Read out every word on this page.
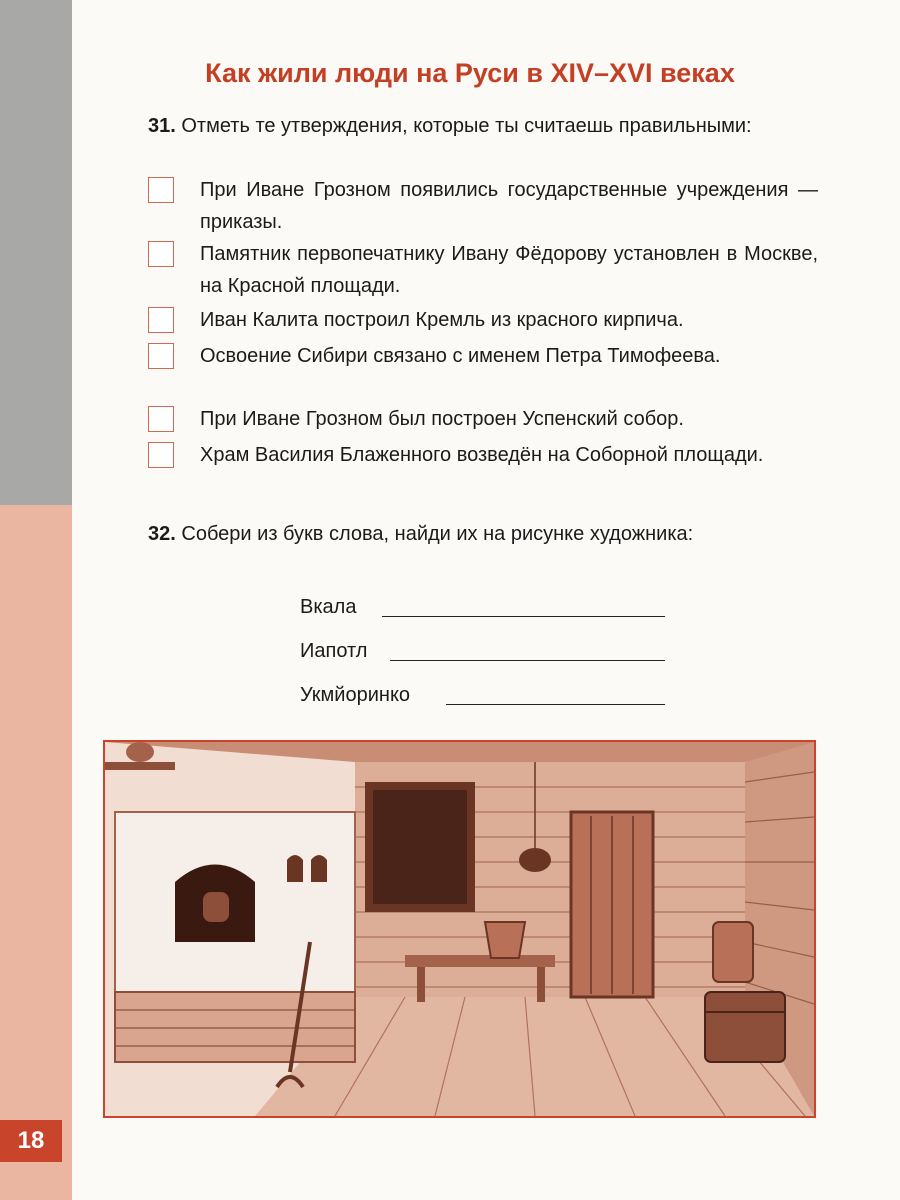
18
Как жили люди на Руси в XIV–XVI веках

31. Отметь те утверждения, которые ты считаешь правильными:

При Иване Грозном появились государственные учреждения — приказы.
Памятник первопечатнику Ивану Фёдорову установлен в Москве, на Красной площади.
Иван Калита построил Кремль из красного кирпича.
Освоение Сибири связано с именем Петра Тимофеева.
При Иване Грозном был построен Успенский собор.
Храм Василия Блаженного возведён на Соборной площади.

32. Собери из букв слова, найди их на рисунке художника:

Вкала
Иапотл
Укмйоринко
